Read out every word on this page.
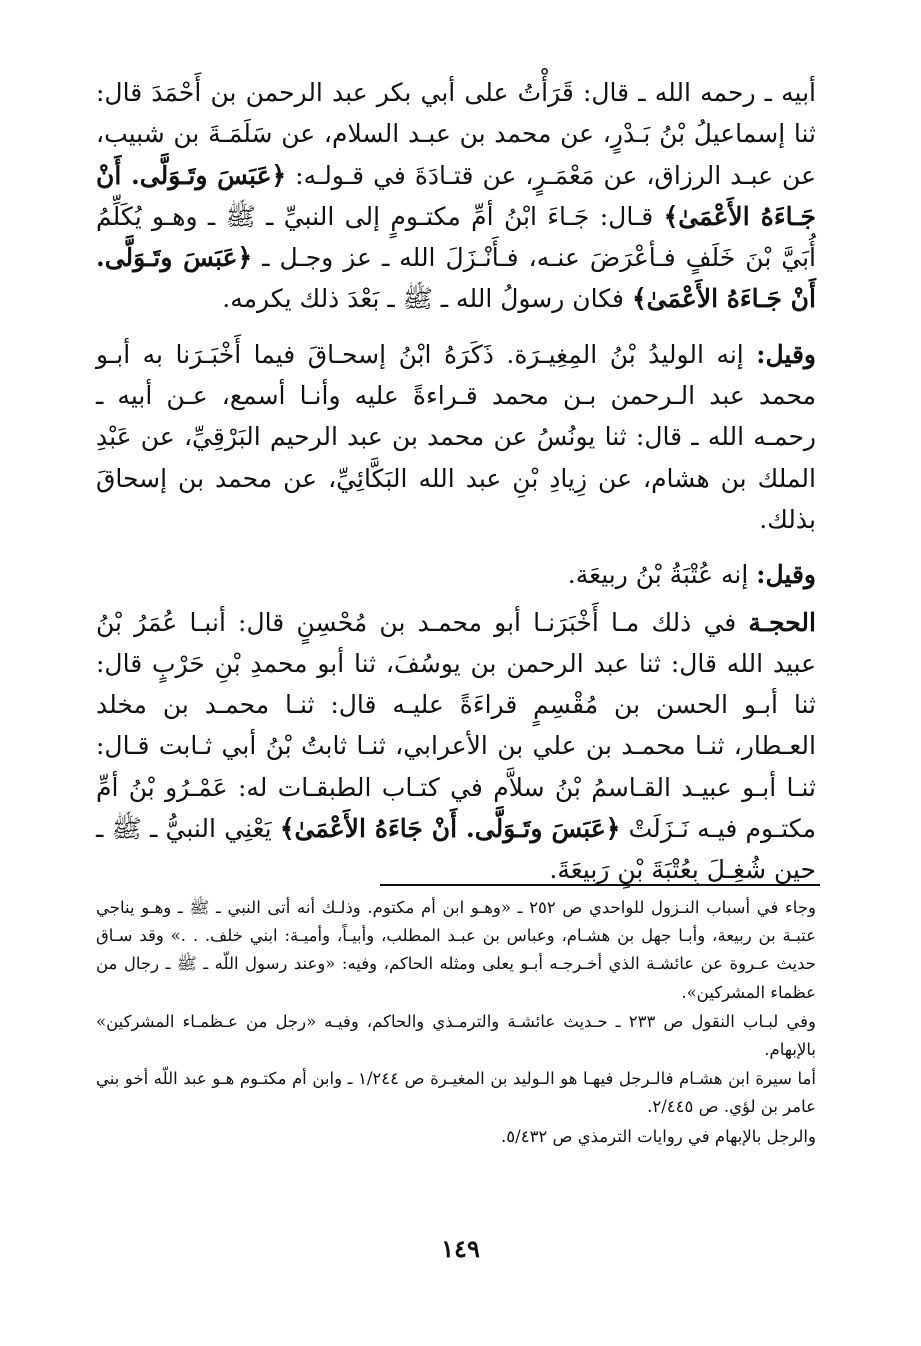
أبيه ـ رحمه الله ـ قال: قَرَأْتُ على أبي بكر عبد الرحمن بن أَحْمَدَ قال: ثنا إسماعيلُ بْنُ بَـدْرٍ، عن محمد بن عبـد السلام، عن سَلَمَـةَ بن شبيب، عن عبـد الرزاق، عن مَعْمَـرٍ، عن قتـادَةَ في قـولـه: ﴿عَبَسَ وتَـوَلَّى. أَنْ جَـاءَهُ الأَعْمَىٰ﴾ قـال: جَـاءَ ابْنُ أمِّ مكتـومٍ إلى النبيِّ ـ ﷺ ـ وهـو يُكَلِّمُ أُبَيَّ بْنَ خَلَفٍ فـأعْرَضَ عنـه، فـأَنْـزَلَ الله ـ عز وجـل ـ ﴿عَبَسَ وتَـوَلَّى. أَنْ جَـاءَهُ الأَعْمَىٰ﴾ فكان رسولُ الله ـ ﷺ ـ بَعْدَ ذلك يكرمه.

وقيل: إنه الوليدُ بْنُ المِغِيـرَة. ذَكَرَهُ ابْنُ إسحـاقَ فيما أَخْبَـرَنا به أبـو محمد عبد الـرحمن بـن محمد قـراءةً عليه وأنـا أسمع، عـن أبيه ـ رحمـه الله ـ قال: ثنا يونُسُ عن محمد بن عبد الرحيم البَرْقِيِّ، عن عَبْدِ الملك بن هشام، عن زِيادِ بْنِ عبد الله البَكَّائِيِّ، عن محمد بن إسحاقَ بذلك.

وقيل: إنه عُتْبَةُ بْنُ ربيعَة.

الحجـة في ذلك مـا أَخْبَرَنـا أبو محمـد بن مُحْسِنٍ قال: أنبـا عُمَرُ بْنُ عبيد الله قال: ثنا عبد الرحمن بن يوسُفَ، ثنا أبو محمدِ بْنِ حَرْبٍ قال: ثنا أبـو الحسن بن مُقْسِمٍ قراءَةً عليـه قال: ثنـا محمـد بن مخلد العـطار، ثنـا محمـد بن علي بن الأعرابي، ثنـا ثابتُ بْنُ أبي ثـابت قـال: ثنـا أبـو عبيـد القـاسمُ بْنُ سلاَّم في كتـاب الطبقـات له: عَمْـرُو بْنُ أمِّ مكتـوم فيـه نَـزَلَتْ ﴿عَبَسَ وتَـوَلَّى. أَنْ جَاءَهُ الأَعْمَىٰ﴾ يَعْنِي النبيُّ ـ ﷺ ـ حين شُغِـلَ بِعُتْبَةَ بْنِ رَبِيعَةَ.

وجاء في أسباب النـزول للواحدي ص ٢٥٢ ـ «وهـو ابن أم مكتوم. وذلـك أنه أتى النبي ـ ﷺ ـ وهـو يناجي عتبـة بن ربيعة، وأبـا جهل بن هشـام، وعباس بن عبـد المطلب، وأبيـاً، وأميـة: ابني خلف. . .» وقد سـاق حديث عـروة عن عائشـة الذي أخـرجـه أبـو يعلى ومثله الحاكم، وفيه: «وعند رسول اللّه ـ ﷺ ـ رجال من عظماء المشركين».

وفي لبـاب النقول ص ٢٣٣ ـ حـديث عائشـة والترمـذي والحاكم، وفيـه «رجل من عـظمـاء المشركين» بالإبهام.

أما سيرة ابن هشـام فالـرجل فيهـا هو الـوليد بن المغيـرة ص ١/٢٤٤ ـ وابن أم مكتـوم هـو عبد اللّه أخو بني عامر بن لؤي. ص ٢/٤٤٥.

والرجل بالإبهام في روايات الترمذي ص ٥/٤٣٢.

١٤٩
